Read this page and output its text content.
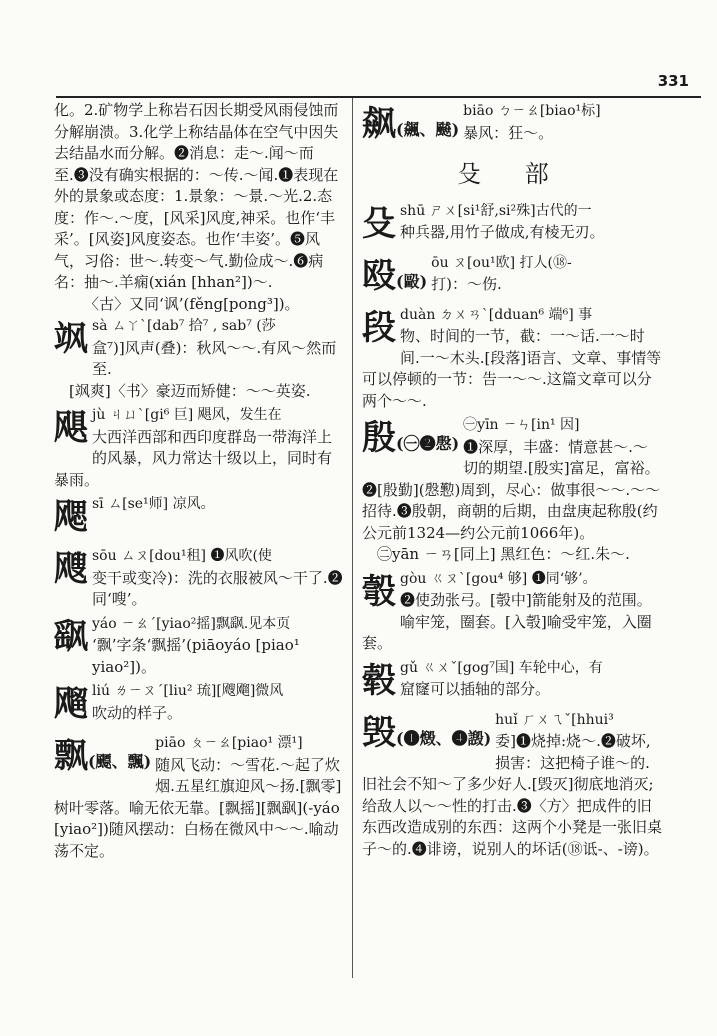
331

化。2.矿物学上称岩石因长期受风雨侵蚀而分解崩溃。3.化学上称结晶体在空气中因失去结晶水而分解。❷消息：走～.闻～而至.❸没有确实根据的：～传.～闻.❶表现在外的景象或态度：1.景象：～景.～光.2.态度：作～.～度，[风采]风度,神采。也作‘丰采’。[风姿]风度姿态。也作‘丰姿’。❺风气，习俗：世～.转变～气.勤俭成～.❻病名：抽～.羊痫(xián [hhan²])～.

〈古〉又同‘讽’(fěng[pong³])。

飒sà ㄙㄚˋ[dab⁷ 拾⁷ , sab⁷ (莎
盒⁷)]风声(叠)：秋风～～.有风～然而至.

[飒爽]〈书〉豪迈而矫健：～～英姿.

飓jù ㄐㄩˋ[gi⁶ 巨] 飓风，发生在
大西洋西部和西印度群岛一带海洋上的风暴，风力常达十级以上，同时有暴雨。

飔sī ㄙ[se¹师] 凉风。

飕sōu ㄙㄡ[dou¹租] ❶风吹(使
变干或变冷)：洗的衣服被风～干了.❷同‘嗖’。

飖yáo ㄧㄠˊ[yiao²摇]飘飖.见本页
‘飘’字条‘飘摇’(piāoyáo [piao¹ yiao²])。

飗liú ㄌㄧㄡˊ[liu² 琉][飕飗]微风
吹动的样子。

飘(飃、飄)
piāo ㄆㄧㄠ[piao¹ 漂¹]
随风飞动：～雪花.～起了炊烟.五星红旗迎风～扬.[飘零]树叶零落。喻无依无靠。[飘摇][飘飖](-yáo [yiao²])随风摆动：白杨在微风中～～.喻动荡不定。

飙(飆、飇)
biāo ㄅㄧㄠ[biao¹标]
暴风：狂～。
殳 部
殳shū ㄕㄨ[si¹舒,si²殊]古代的一
种兵器,用竹子做成,有棱无刃。

殴(毆)
ōu ㄡ[ou¹欧] 打人(⑱-
打)：～伤.

段duàn ㄉㄨㄢˋ[dduan⁶ 端⁶] 事
物、时间的一节，截：一～话.一～时间.一～木头.[段落]语言、文章、事情等可以停顿的一节：告一～～.这篇文章可以分两个～～.

殷(㊀❷慇)
㊀yīn ㄧㄣ[in¹ 因]
❶深厚，丰盛：情意甚～.～切的期望.[殷实]富足，富裕。❷[殷勤](慇懃)周到，尽心：做事很～～.～～招待.❸殷朝，商朝的后期，由盘庚起称殷(约公元前1324—约公元前1066年)。

㊁yān ㄧㄢ[同上] 黑红色：～红.朱～.

彀gòu ㄍㄡˋ[gou⁴ 够] ❶同‘够’。
❷使劲张弓。[彀中]箭能射及的范围。喻牢笼，圈套。[入彀]喻受牢笼，入圈套。

毂gǔ ㄍㄨˇ[gog⁷国] 车轮中心，有
窟窿可以插轴的部分。

毁(❶燬、❹譭)
huǐ ㄏㄨㄟˇ[hhui³
委]❶烧掉:烧～.❷破坏,损害：这把椅子谁～的.旧社会不知～了多少好人.[毁灭]彻底地消灭;给敌人以～～性的打击.❸〈方〉把成件的旧东西改造成别的东西：这两个小凳是一张旧桌子～的.❹诽谤，说别人的坏话(⑱诋-、-谤)。
